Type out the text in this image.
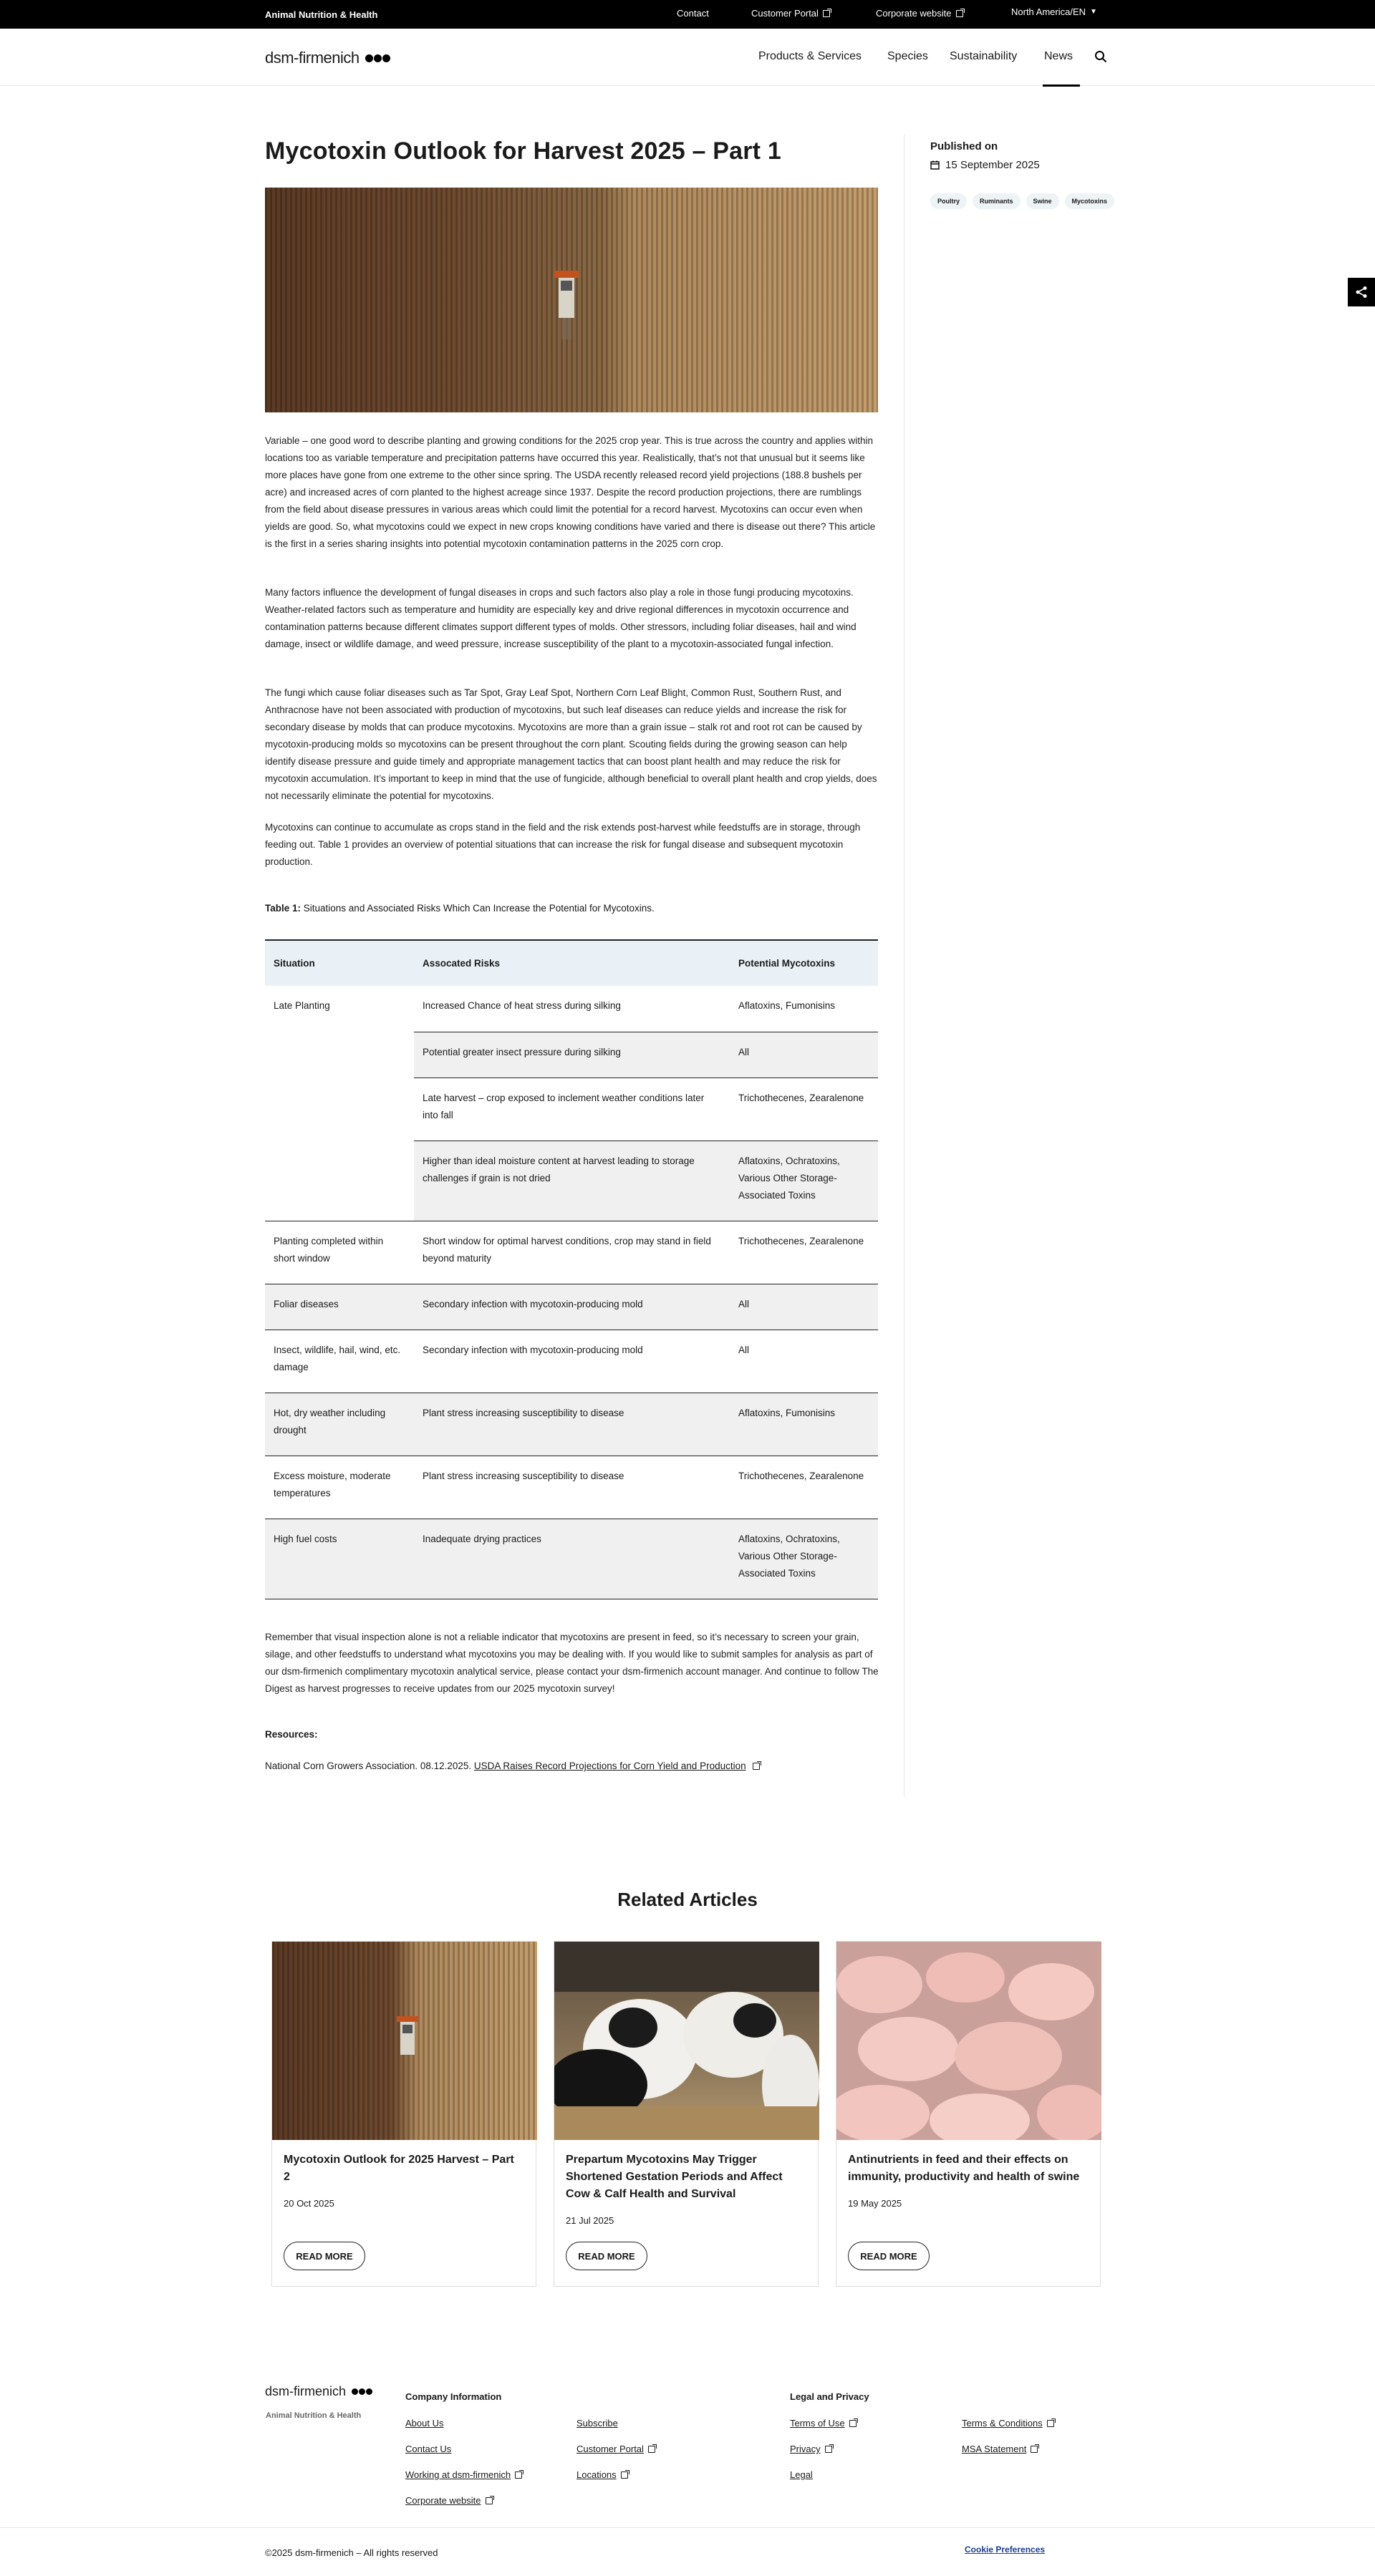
Animal Nutrition & Health	Contact	Customer Portal	Corporate website	North America/EN ▼
dsm-firmenich	Products & Services Species Sustainability News
Mycotoxin Outlook for Harvest 2025 – Part 1	Published on
15 September 2025
Poultry	Ruminants	Swine	Mycotoxins

Variable – one good word to describe planting and growing conditions for the 2025 crop year. This is true across the country and applies within locations too as variable temperature and precipitation patterns have occurred this year. Realistically, that’s not that unusual but it seems like more places have gone from one extreme to the other since spring. The USDA recently released record yield projections (188.8 bushels per acre) and increased acres of corn planted to the highest acreage since 1937. Despite the record production projections, there are rumblings from the field about disease pressures in various areas which could limit the potential for a record harvest. Mycotoxins can occur even when yields are good. So, what mycotoxins could we expect in new crops knowing conditions have varied and there is disease out there? This article is the first in a series sharing insights into potential mycotoxin contamination patterns in the 2025 corn crop.

Many factors influence the development of fungal diseases in crops and such factors also play a role in those fungi producing mycotoxins. Weather-related factors such as temperature and humidity are especially key and drive regional differences in mycotoxin occurrence and contamination patterns because different climates support different types of molds. Other stressors, including foliar diseases, hail and wind damage, insect or wildlife damage, and weed pressure, increase susceptibility of the plant to a mycotoxin-associated fungal infection.

The fungi which cause foliar diseases such as Tar Spot, Gray Leaf Spot, Northern Corn Leaf Blight, Common Rust, Southern Rust, and Anthracnose have not been associated with production of mycotoxins, but such leaf diseases can reduce yields and increase the risk for secondary disease by molds that can produce mycotoxins. Mycotoxins are more than a grain issue – stalk rot and root rot can be caused by mycotoxin-producing molds so mycotoxins can be present throughout the corn plant. Scouting fields during the growing season can help identify disease pressure and guide timely and appropriate management tactics that can boost plant health and may reduce the risk for mycotoxin accumulation. It’s important to keep in mind that the use of fungicide, although beneficial to overall plant health and crop yields, does not necessarily eliminate the potential for mycotoxins.

Mycotoxins can continue to accumulate as crops stand in the field and the risk extends post-harvest while feedstuffs are in storage, through feeding out. Table 1 provides an overview of potential situations that can increase the risk for fungal disease and subsequent mycotoxin production.

Table 1: Situations and Associated Risks Which Can Increase the Potential for Mycotoxins.
Situation	Assocated Risks	Potential Mycotoxins
Late Planting	Increased Chance of heat stress during silking	Aflatoxins, Fumonisins
	Potential greater insect pressure during silking	All
	Late harvest – crop exposed to inclement weather conditions later into fall	Trichothecenes, Zearalenone
	Higher than ideal moisture content at harvest leading to storage challenges if grain is not dried	Aflatoxins, Ochratoxins, Various Other Storage-Associated Toxins
Planting completed within short window	Short window for optimal harvest conditions, crop may stand in field beyond maturity	Trichothecenes, Zearalenone
Foliar diseases	Secondary infection with mycotoxin-producing mold	All
Insect, wildlife, hail, wind, etc. damage	Secondary infection with mycotoxin-producing mold	All
Hot, dry weather including drought	Plant stress increasing susceptibility to disease	Aflatoxins, Fumonisins
Excess moisture, moderate temperatures	Plant stress increasing susceptibility to disease	Trichothecenes, Zearalenone
High fuel costs	Inadequate drying practices	Aflatoxins, Ochratoxins, Various Other Storage-Associated Toxins

Remember that visual inspection alone is not a reliable indicator that mycotoxins are present in feed, so it’s necessary to screen your grain, silage, and other feedstuffs to understand what mycotoxins you may be dealing with. If you would like to submit samples for analysis as part of our dsm-firmenich complimentary mycotoxin analytical service, please contact your dsm-firmenich account manager. And continue to follow The Digest as harvest progresses to receive updates from our 2025 mycotoxin survey!

Resources:
National Corn Growers Association. 08.12.2025. USDA Raises Record Projections for Corn Yield and Production
Related Articles
Mycotoxin Outlook for 2025 Harvest – Part 2
20 Oct 2025
READ MORE
Prepartum Mycotoxins May Trigger Shortened Gestation Periods and Affect Cow & Calf Health and Survival
21 Jul 2025
READ MORE
Antinutrients in feed and their effects on immunity, productivity and health of swine
19 May 2025
READ MORE
dsm-firmenich
Animal Nutrition & Health
Company Information
About Us	Subscribe
Contact Us	Customer Portal
Working at dsm-firmenich	Locations
Corporate website
Legal and Privacy
Terms of Use	Terms & Conditions
Privacy	MSA Statement
Legal
©2025 dsm-firmenich – All rights reserved	Cookie Preferences
